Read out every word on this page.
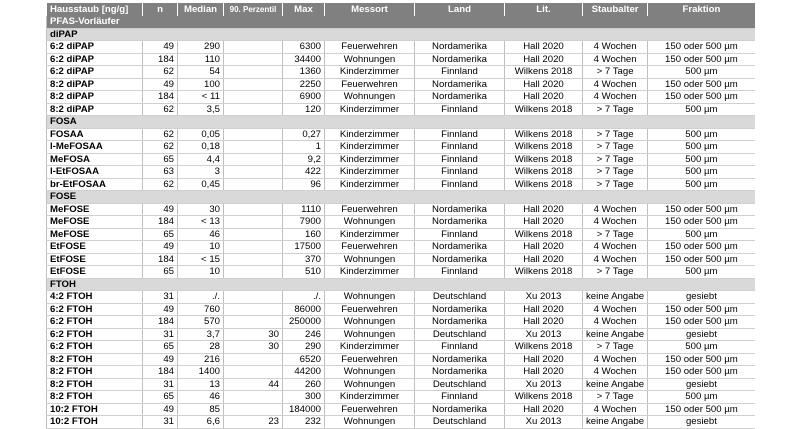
Hausstaub [ng/g]	n	Median	90. Perzentil	Max	Messort	Land	Lit.	Staubalter	Fraktion
PFAS-Vorläufer									
diPAP									
6:2 diPAP	49	290		6300	Feuerwehren	Nordamerika	Hall 2020	4 Wochen	150 oder 500 µm
6:2 diPAP	184	110		34400	Wohnungen	Nordamerika	Hall 2020	4 Wochen	150 oder 500 µm
6:2 diPAP	62	54		1360	Kinderzimmer	Finnland	Wilkens 2018	> 7 Tage	500 µm
8:2 diPAP	49	100		2250	Feuerwehren	Nordamerika	Hall 2020	4 Wochen	150 oder 500 µm
8:2 diPAP	184	< 11		6900	Wohnungen	Nordamerika	Hall 2020	4 Wochen	150 oder 500 µm
8:2 diPAP	62	3,5		120	Kinderzimmer	Finnland	Wilkens 2018	> 7 Tage	500 µm
FOSA									
FOSAA	62	0,05		0,27	Kinderzimmer	Finnland	Wilkens 2018	> 7 Tage	500 µm
l-MeFOSAA	62	0,18		1	Kinderzimmer	Finnland	Wilkens 2018	> 7 Tage	500 µm
MeFOSA	65	4,4		9,2	Kinderzimmer	Finnland	Wilkens 2018	> 7 Tage	500 µm
l-EtFOSAA	63	3		422	Kinderzimmer	Finnland	Wilkens 2018	> 7 Tage	500 µm
br-EtFOSAA	62	0,45		96	Kinderzimmer	Finnland	Wilkens 2018	> 7 Tage	500 µm
FOSE									
MeFOSE	49	30		1110	Feuerwehren	Nordamerika	Hall 2020	4 Wochen	150 oder 500 µm
MeFOSE	184	< 13		7900	Wohnungen	Nordamerika	Hall 2020	4 Wochen	150 oder 500 µm
MeFOSE	65	46		160	Kinderzimmer	Finnland	Wilkens 2018	> 7 Tage	500 µm
EtFOSE	49	10		17500	Feuerwehren	Nordamerika	Hall 2020	4 Wochen	150 oder 500 µm
EtFOSE	184	< 15		370	Wohnungen	Nordamerika	Hall 2020	4 Wochen	150 oder 500 µm
EtFOSE	65	10		510	Kinderzimmer	Finnland	Wilkens 2018	> 7 Tage	500 µm
FTOH									
4:2 FTOH	31	./.		./.	Wohnungen	Deutschland	Xu 2013	keine Angabe	gesiebt
6:2 FTOH	49	760		86000	Feuerwehren	Nordamerika	Hall 2020	4 Wochen	150 oder 500 µm
6:2 FTOH	184	570		250000	Wohnungen	Nordamerika	Hall 2020	4 Wochen	150 oder 500 µm
6:2 FTOH	31	3,7	30	246	Wohnungen	Deutschland	Xu 2013	keine Angabe	gesiebt
6:2 FTOH	65	28	30	290	Kinderzimmer	Finnland	Wilkens 2018	> 7 Tage	500 µm
8:2 FTOH	49	216		6520	Feuerwehren	Nordamerika	Hall 2020	4 Wochen	150 oder 500 µm
8:2 FTOH	184	1400		44200	Wohnungen	Nordamerika	Hall 2020	4 Wochen	150 oder 500 µm
8:2 FTOH	31	13	44	260	Wohnungen	Deutschland	Xu 2013	keine Angabe	gesiebt
8:2 FTOH	65	46		300	Kinderzimmer	Finnland	Wilkens 2018	> 7 Tage	500 µm
10:2 FTOH	49	85		184000	Feuerwehren	Nordamerika	Hall 2020	4 Wochen	150 oder 500 µm
10:2 FTOH	31	6,6	23	232	Wohnungen	Deutschland	Xu 2013	keine Angabe	gesiebt
